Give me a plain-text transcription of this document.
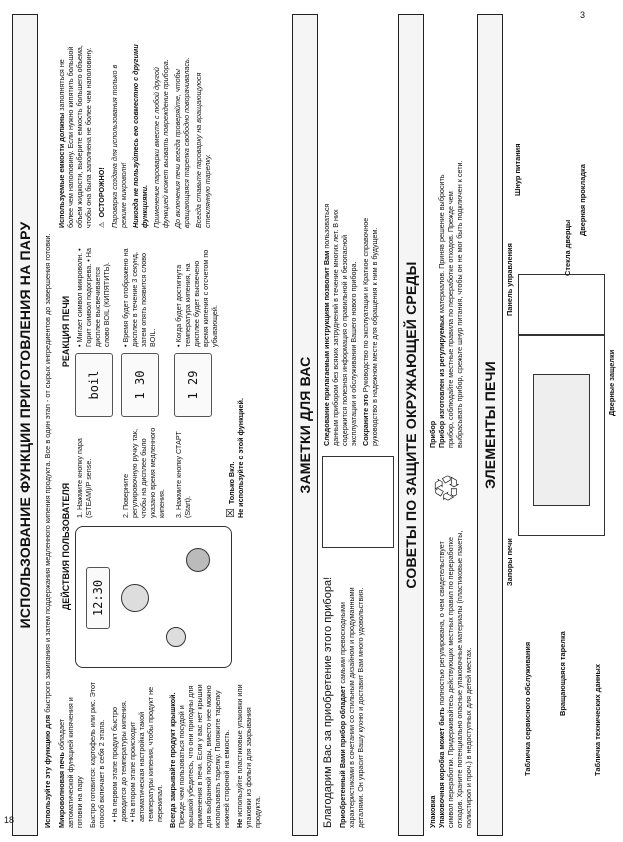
ИСПОЛЬЗОВАНИЕ ФУНКЦИИ ПРИГОТОВЛЕНИЯ НА ПАРУ
Используйте эту функцию для быстрого закипания и затем поддержания медленного кипения продукта. Все в один этап - от сырых ингредиентов до завершения готовки.

Микроволновая печь обладает автоматической функцией кипячения и готовки на пару Быстро готовится: картофель или рис. Этот способ включает в себя 2 этапа. • На первом этапе продукт быстро доводится до температуры кипения. • На втором этапе происходит автоматическая настройка такой температуры кипения, чтобы продукт не перекипал. Всегда закрывайте продукт крышкой. Прежде чем пользоваться посудой и крышкой убедитесь, что они пригодны для применения в печи. Если у вас нет крышки для выбранной посуды, вместо нее можно использовать тарелку. Положите тарелку нижней стороной на емкость. Не используйте пластиковые упаковки или упаковки из фольги для закрывания продукта.

ДЕЙСТВИЯ ПОЛЬЗОВАТЕЛЯ
РЕАКЦИЯ ПЕЧИ
12:30
1. Нажмите кнопку пара (STEAM)/P sense.
boil
• Мигает символ микроволн. • Горит символ подогрева. • На дисплее высвечивается слово BOIL (КИПЯТИТЬ).
2. Поверните регулировочную ручку так, чтобы на дисплее было указано время медленного кипения.
1 30
• Время будет отображено на дисплее в течение 3 секунд, затем опять появится слово BOIL.
3. Нажмите кнопку СТАРТ (Start).
1 29
• Когда будет достигнута температура кипения, на дисплее будет высвечено время кипения с отсчетом по убывающей.
☒
Только Вкл. Не используйте с этой функцией.

Используемые емкости должны заполняться не более чем наполовину. Если нужно кипятить большой объем жидкости, выберите емкость большего объема, чтобы она была заполнена не более чем наполовину. ⚠
ОСТОРОЖНО! Пароварка создана для использования только в режиме микроволн! Никогда не пользуйтесь ею совместно с другими функциями. Применение пароварки вместе с любой другой функцией может вызвать повреждение прибора. До включения печи всегда проверяйте, чтобы вращающаяся тарелка свободно поворачивалась. Всегда ставьте пароварку на вращающуюся стеклянную тарелку.

ЗАМЕТКИ ДЛЯ ВАС
Благодарим Вас за приобретение этого прибора! Приобретенный Вами прибор обладает самыми превосходными характеристиками в сочетании со стильным дизайном и продуманными деталями. Он украсит Вашу кухню и доставит Вам много удовольствия.

Следование прилагаемым инструкциям позволит Вам пользоваться данным прибором без всяких затруднений в течение многих лет. В них содержится полезная информация о правильной и безопасной эксплуатации и обслуживании Вашего нового прибора. Сохраните это Руководство по эксплуатации и Краткое справочное руководство в надежном месте для обращения к ним в будущем.	СОВЕТЫ ПО ЗАЩИТЕ ОКРУЖАЮЩЕЙ СРЕДЫ
Упаковка Упаковочная коробка может быть полностью регулирована, о чем свидетельствует символ переработки. Придерживайтесь действующих местных правил по переработке отходов. Храните потенциально опасные упаковочные материалы (пластиковые пакеты, полистирол и проч.) в недоступных для детей местах.
♲
Прибор Прибор изготовлен из регулируемых материалов. Приняв решение выбросить прибор, соблюдайте местные правила по переработке отходов. Прежде чем выбрасывать прибор, срежьте шнур питания, чтобы он не мог быть подключен к сети.	ЭЛЕМЕНТЫ ПЕЧИ
Панель управления
Шнур питания
Стекла дверцы
Дверная прокладка
Дверные защелки
Запоры печи
Табличка сервисного обслуживания	Вращающаяся тарелка	Табличка технических данных
18
3
